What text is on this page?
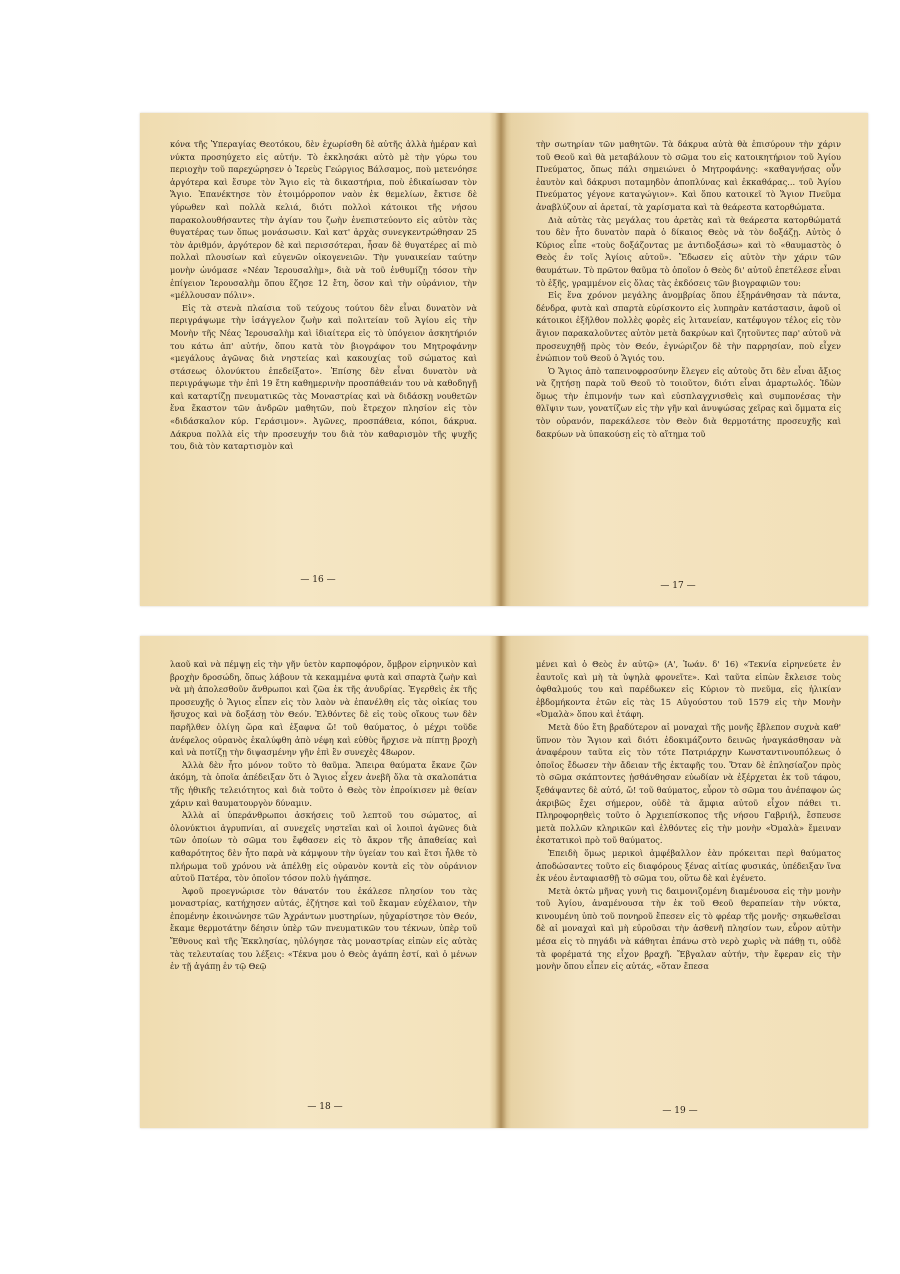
κόνα τῆς Ὑπεραγίας Θεοτόκου, δὲν ἐχωρίσθη δὲ αὐτῆς ἀλλὰ ἡμέραν καὶ νύκτα προσηύχετο εἰς αὐτήν. Τὸ ἐκκλησάκι αὐτὸ μὲ τὴν γύρω του περιοχὴν τοῦ παρεχώρησεν ὁ Ἱερεὺς Γεώργιος Βάλσαμος, ποὺ μετενόησε ἀργότερα καὶ ἔσυρε τὸν Ἅγιο εἰς τὰ δικαστήρια, ποὺ ἐδικαίωσαν τὸν Ἅγιο. Ἐπανέκτησε τὸν ἐτοιμόρροπον ναὸν ἐκ θεμελίων, ἔκτισε δὲ γύρωθεν καὶ πολλὰ κελιά, διότι πολλοὶ κάτοικοι τῆς νήσου παρακολουθήσαντες τὴν ἁγίαν του ζωὴν ἐνεπιστεύοντο εἰς αὐτὸν τὰς θυγατέρας των ὅπως μονάσωσιν. Καὶ κατ' ἀρχὰς συνεγκεντρώθησαν 25 τὸν ἀριθμόν, ἀργότερον δὲ καὶ περισσότεραι, ἦσαν δὲ θυγατέρες αἱ πιὸ πολλαὶ πλουσίων καὶ εὐγενῶν οἰκογενειῶν. Τὴν γυναικείαν ταύτην μονὴν ὠνόμασε «Νέαν Ἱερουσαλὴμ», διὰ νὰ τοῦ ἐνθυμίζῃ τόσον τὴν ἐπίγειον Ἱερουσαλὴμ ὅπου ἔζησε 12 ἔτη, ὅσον καὶ τὴν οὐράνιον, τὴν «μέλλουσαν πόλιν».

Εἰς τὰ στενὰ πλαίσια τοῦ τεύχους τούτου δὲν εἶναι δυνατὸν νὰ περιγράψωμε τὴν ἰσάγγελον ζωὴν καὶ πολιτείαν τοῦ Ἁγίου εἰς τὴν Μονὴν τῆς Νέας Ἱερουσαλὴμ καὶ ἰδιαίτερα εἰς τὸ ὑπόγειον ἀσκητήριόν του κάτω ἀπ' αὐτήν, ὅπου κατὰ τὸν βιογράφον του Μητροφάνην «μεγάλους ἀγῶνας διὰ νηστείας καὶ κακουχίας τοῦ σώματος καὶ στάσεως ὁλονύκτου ἐπεδείξατο». Ἐπίσης δὲν εἶναι δυνατὸν νὰ περιγράψωμε τὴν ἐπὶ 19 ἔτη καθημερινὴν προσπάθειάν του νὰ καθοδηγῇ καὶ καταρτίζῃ πνευματικῶς τὰς Μοναστρίας καὶ νὰ διδάσκῃ νουθετῶν ἕνα ἕκαστον τῶν ἀνδρῶν μαθητῶν, ποὺ ἔτρεχον πλησίον εἰς τὸν «διδάσκαλον κύρ. Γεράσιμον». Ἀγῶνες, προσπάθεια, κόποι, δάκρυα. Δάκρυα πολλὰ εἰς τὴν προσευχήν του διὰ τὸν καθαρισμὸν τῆς ψυχῆς του, διὰ τὸν καταρτισμὸν καὶ

— 16 —

τὴν σωτηρίαν τῶν μαθητῶν. Τὰ δάκρυα αὐτὰ θὰ ἐπισύρουν τὴν χάριν τοῦ Θεοῦ καὶ θὰ μεταβάλουν τὸ σῶμα του εἰς κατοικητήριον τοῦ Ἁγίου Πνεύματος, ὅπως πάλι σημειώνει ὁ Μητροφάνης: «καθαγνήσας οὖν ἑαυτὸν καὶ δάκρυσι ποταμηδὸν ἀποπλύνας καὶ ἐκκαθάρας... τοῦ Ἁγίου Πνεύματος γέγονε καταγώγιον». Καὶ ὅπου κατοικεῖ τὸ Ἅγιον Πνεῦμα ἀναβλύζουν αἱ ἀρεταί, τὰ χαρίσματα καὶ τὰ θεάρεστα κατορθώματα.

Διὰ αὐτὰς τὰς μεγάλας του ἀρετὰς καὶ τὰ θεάρεστα κατορθώματά του δὲν ἦτο δυνατὸν παρὰ ὁ δίκαιος Θεὸς νὰ τὸν δοξάζῃ. Αὐτὸς ὁ Κύριος εἶπε «τοὺς δοξάζοντας με ἀντιδοξάσω» καὶ τὸ «θαυμαστὸς ὁ Θεὸς ἐν τοῖς Ἁγίοις αὐτοῦ». Ἔδωσεν εἰς αὐτὸν τὴν χάριν τῶν θαυμάτων. Τὸ πρῶτον θαῦμα τὸ ὁποῖον ὁ Θεὸς δι' αὐτοῦ ἐπετέλεσε εἶναι τὸ ἑξῆς, γραμμένον εἰς ὅλας τὰς ἐκδόσεις τῶν βιογραφιῶν του:

Εἰς ἕνα χρόνον μεγάλης ἀνομβρίας ὅπου ἐξηράνθησαν τὰ πάντα, δένδρα, φυτὰ καὶ σπαρτὰ εὑρίσκοντο εἰς λυπηρὰν κατάστασιν, ἀφοῦ οἱ κάτοικοι ἐξῆλθον πολλὲς φορὲς εἰς λιτανείαν, κατέφυγον τέλος εἰς τὸν ἅγιον παρακαλοῦντες αὐτὸν μετὰ δακρύων καὶ ζητοῦντες παρ' αὐτοῦ νὰ προσευχηθῇ πρὸς τὸν Θεόν, ἐγνώριζον δὲ τὴν παρρησίαν, ποὺ εἶχεν ἐνώπιον τοῦ Θεοῦ ὁ Ἅγιός του.

Ὁ Ἅγιος ἀπὸ ταπεινοφροσύνην ἔλεγεν εἰς αὐτοὺς ὅτι δὲν εἶναι ἄξιος νὰ ζητήσῃ παρὰ τοῦ Θεοῦ τὸ τοιοῦτον, διότι εἶναι ἁμαρτωλός. Ἰδὼν ὅμως τὴν ἐπιμονήν των καὶ εὐσπλαγχνισθεὶς καὶ συμπονέσας τὴν θλῖψιν των, γονατίζων εἰς τὴν γῆν καὶ ἀνυψώσας χεῖρας καὶ ὄμματα εἰς τὸν οὐρανόν, παρεκάλεσε τὸν Θεὸν διὰ θερμοτάτης προσευχῆς καὶ δακρύων νὰ ὑπακούσῃ εἰς τὸ αἴτημα τοῦ

— 17 —

λαοῦ καὶ νὰ πέμψῃ εἰς τὴν γῆν ὑετὸν καρποφόρον, ὄμβρον εἰρηνικὸν καὶ βροχὴν δροσώδη, ὅπως λάβουν τὰ κεκαμμένα φυτὰ καὶ σπαρτὰ ζωὴν καὶ νὰ μὴ ἀπολεσθοῦν ἄνθρωποι καὶ ζῶα ἐκ τῆς ἀνυδρίας. Ἐγερθεὶς ἐκ τῆς προσευχῆς ὁ Ἅγιος εἶπεν εἰς τὸν λαὸν νὰ ἐπανέλθη εἰς τὰς οἰκίας του ἥσυχος καὶ νὰ δοξάσῃ τὸν Θεόν. Ἐλθόντες δὲ εἰς τοὺς οἴκους των δὲν παρῆλθεν ὀλίγη ὥρα καὶ ἐξαφνα ὤ! τοῦ θαύματος, ὁ μέχρι τοῦδε ἀνέφελος οὐρανὸς ἐκαλύφθη ἀπὸ νέφη καὶ εὐθὺς ἤρχισε νὰ πίπτῃ βροχὴ καὶ νὰ ποτίζῃ τὴν διψασμένην γῆν ἐπὶ ἓν συνεχὲς 48ωρον.

Ἀλλὰ δὲν ἦτο μόνον τοῦτο τὸ θαῦμα. Ἄπειρα θαύματα ἔκανε ζῶν ἀκόμη, τὰ ὁποῖα ἀπέδειξαν ὅτι ὁ Ἅγιος εἶχεν ἀνεβῆ ὅλα τὰ σκαλοπάτια τῆς ἠθικῆς τελειότητος καὶ διὰ τοῦτο ὁ Θεὸς τὸν ἐπροίκισεν μὲ θείαν χάριν καὶ θαυματουργὸν δύναμιν.

Ἀλλὰ αἱ ὑπεράνθρωποι ἀσκήσεις τοῦ λεπτοῦ του σώματος, αἱ ὁλονύκτιοι ἀγρυπνίαι, αἱ συνεχεῖς νηστεῖαι καὶ οἱ λοιποὶ ἀγῶνες διὰ τῶν ὁποίων τὸ σῶμα του ἔφθασεν εἰς τὸ ἄκρον τῆς ἀπαθείας καὶ καθαρότητος δὲν ἦτο παρὰ νὰ κάμψουν τὴν ὑγείαν του καὶ ἔτσι ἦλθε τὸ πλήρωμα τοῦ χρόνου νὰ ἀπέλθῃ εἰς οὐρανὸν κοντὰ εἰς τὸν οὐράνιον αὐτοῦ Πατέρα, τὸν ὁποῖον τόσον πολὺ ἠγάπησε.

Ἀφοῦ προεγνώρισε τὸν θάνατόν του ἐκάλεσε πλησίον του τὰς μοναστρίας, κατήχησεν αὐτάς, ἐζήτησε καὶ τοῦ ἔκαμαν εὐχέλαιον, τὴν ἐπομένην ἐκοινώνησε τῶν Ἀχράντων μυστηρίων, ηὐχαρίστησε τὸν Θεόν, ἔκαμε θερμοτάτην δέησιν ὑπὲρ τῶν πνευματικῶν του τέκνων, ὑπὲρ τοῦ Ἔθνους καὶ τῆς Ἐκκλησίας, ηὐλόγησε τὰς μοναστρίας εἰπὼν εἰς αὐτὰς τὰς τελευταίας του λέξεις: «Τέκνα μου ὁ Θεὸς ἀγάπη ἐστί, καὶ ὁ μένων ἐν τῇ ἀγάπῃ ἐν τῷ Θεῷ

— 18 —

μένει καὶ ὁ Θεὸς ἐν αὐτῷ» (Α', Ἰωάν. δ' 16) «Τεκνία εἰρηνεύετε ἐν ἑαυτοῖς καὶ μὴ τὰ ὑψηλὰ φρονεῖτε». Καὶ ταῦτα εἰπὼν ἔκλεισε τοὺς ὀφθαλμούς του καὶ παρέδωκεν εἰς Κύριον τὸ πνεῦμα, εἰς ἡλικίαν ἑβδομήκοντα ἐτῶν εἰς τὰς 15 Αὐγούστου τοῦ 1579 εἰς τὴν Μονὴν «Ὀμαλὰ» ὅπου καὶ ἐτάφη.

Μετὰ δύο ἔτη βραδύτερον αἱ μοναχαὶ τῆς μονῆς ἔβλεπον συχνὰ καθ' ὕπνον τὸν Ἅγιον καὶ διότι ἐδοκιμάζοντο δεινῶς ἠναγκάσθησαν νὰ ἀναφέρουν ταῦτα εἰς τὸν τότε Πατριάρχην Κωνσταντινουπόλεως ὁ ὁποῖος ἔδωσεν τὴν ἄδειαν τῆς ἐκταφῆς του. Ὅταν δὲ ἐπλησίαζον πρὸς τὸ σῶμα σκάπτοντες ᾐσθάνθησαν εὐωδίαν νὰ ἐξέρχεται ἐκ τοῦ τάφου, ξεθάψαντες δὲ αὐτό, ὤ! τοῦ θαύματος, εὗρον τὸ σῶμα του ἀνέπαφον ὡς ἀκριβῶς ἔχει σήμερον, οὐδὲ τὰ ἄμφια αὐτοῦ εἶχον πάθει τι. Πληροφορηθεὶς τοῦτο ὁ Ἀρχιεπίσκοπος τῆς νήσου Γαβριήλ, ἔσπευσε μετὰ πολλῶν κληρικῶν καὶ ἐλθόντες εἰς τὴν μονὴν «Ὀμαλὰ» ἔμειναν ἐκστατικοὶ πρὸ τοῦ θαύματος.

Ἐπειδὴ ὅμως μερικοὶ ἀμφέβαλλον ἐὰν πρόκειται περὶ θαύματος ἀποδώσαντες τοῦτο εἰς διαφόρους ξένας αἰτίας φυσικάς, ὑπέδειξαν ἵνα ἐκ νέου ἐνταφιασθῇ τὸ σῶμα του, οὕτω δὲ καὶ ἐγένετο.

Μετὰ ὀκτὼ μῆνας γυνὴ τις δαιμονιζομένη διαμένουσα εἰς τὴν μονὴν τοῦ Ἁγίου, ἀναμένουσα τὴν ἐκ τοῦ Θεοῦ θεραπείαν τὴν νύκτα, κινουμένη ὑπὸ τοῦ πονηροῦ ἔπεσεν εἰς τὸ φρέαρ τῆς μονῆς· σηκωθεῖσαι δὲ αἱ μοναχαὶ καὶ μὴ εὑροῦσαι τὴν ἀσθενῆ πλησίον των, εὗρον αὐτὴν μέσα εἰς τὸ πηγάδι νὰ κάθηται ἐπάνω στὸ νερὸ χωρὶς νὰ πάθῃ τι, οὐδὲ τὰ φορέματά της εἶχον βραχῆ. Ἔβγαλαν αὐτήν, τὴν ἔφεραν εἰς τὴν μονὴν ὅπου εἶπεν εἰς αὐτάς, «ὅταν ἔπεσα

— 19 —
